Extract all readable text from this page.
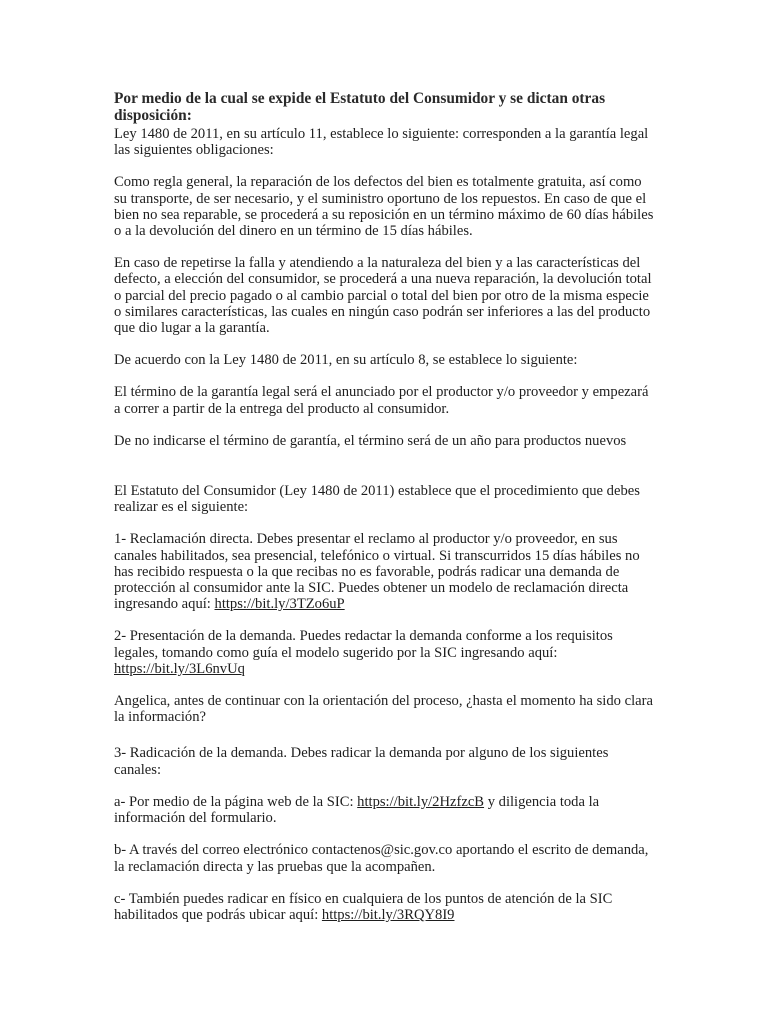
Por medio de la cual se expide el Estatuto del Consumidor y se dictan otras disposición:

Ley 1480 de 2011, en su artículo 11, establece lo siguiente: corresponden a la garantía legal las siguientes obligaciones:

Como regla general, la reparación de los defectos del bien es totalmente gratuita, así como su transporte, de ser necesario, y el suministro oportuno de los repuestos. En caso de que el bien no sea reparable, se procederá a su reposición en un término máximo de 60 días hábiles o a la devolución del dinero en un término de 15 días hábiles.

En caso de repetirse la falla y atendiendo a la naturaleza del bien y a las características del defecto, a elección del consumidor, se procederá a una nueva reparación, la devolución total o parcial del precio pagado o al cambio parcial o total del bien por otro de la misma especie o similares características, las cuales en ningún caso podrán ser inferiores a las del producto que dio lugar a la garantía.

De acuerdo con la Ley 1480 de 2011, en su artículo 8, se establece lo siguiente:

El término de la garantía legal será el anunciado por el productor y/o proveedor y empezará a correr a partir de la entrega del producto al consumidor.

De no indicarse el término de garantía, el término será de un año para productos nuevos

El Estatuto del Consumidor (Ley 1480 de 2011) establece que el procedimiento que debes realizar es el siguiente:

1- Reclamación directa. Debes presentar el reclamo al productor y/o proveedor, en sus canales habilitados, sea presencial, telefónico o virtual. Si transcurridos 15 días hábiles no has recibido respuesta o la que recibas no es favorable, podrás radicar una demanda de protección al consumidor ante la SIC. Puedes obtener un modelo de reclamación directa ingresando aquí: https://bit.ly/3TZo6uP

2- Presentación de la demanda. Puedes redactar la demanda conforme a los requisitos legales, tomando como guía el modelo sugerido por la SIC ingresando aquí: https://bit.ly/3L6nvUq

Angelica, antes de continuar con la orientación del proceso, ¿hasta el momento ha sido clara la información?

3- Radicación de la demanda. Debes radicar la demanda por alguno de los siguientes canales:

a- Por medio de la página web de la SIC: https://bit.ly/2HzfzcB y diligencia toda la información del formulario.

b- A través del correo electrónico contactenos@sic.gov.co aportando el escrito de demanda, la reclamación directa y las pruebas que la acompañen.

c- También puedes radicar en físico en cualquiera de los puntos de atención de la SIC habilitados que podrás ubicar aquí: https://bit.ly/3RQY8I9
